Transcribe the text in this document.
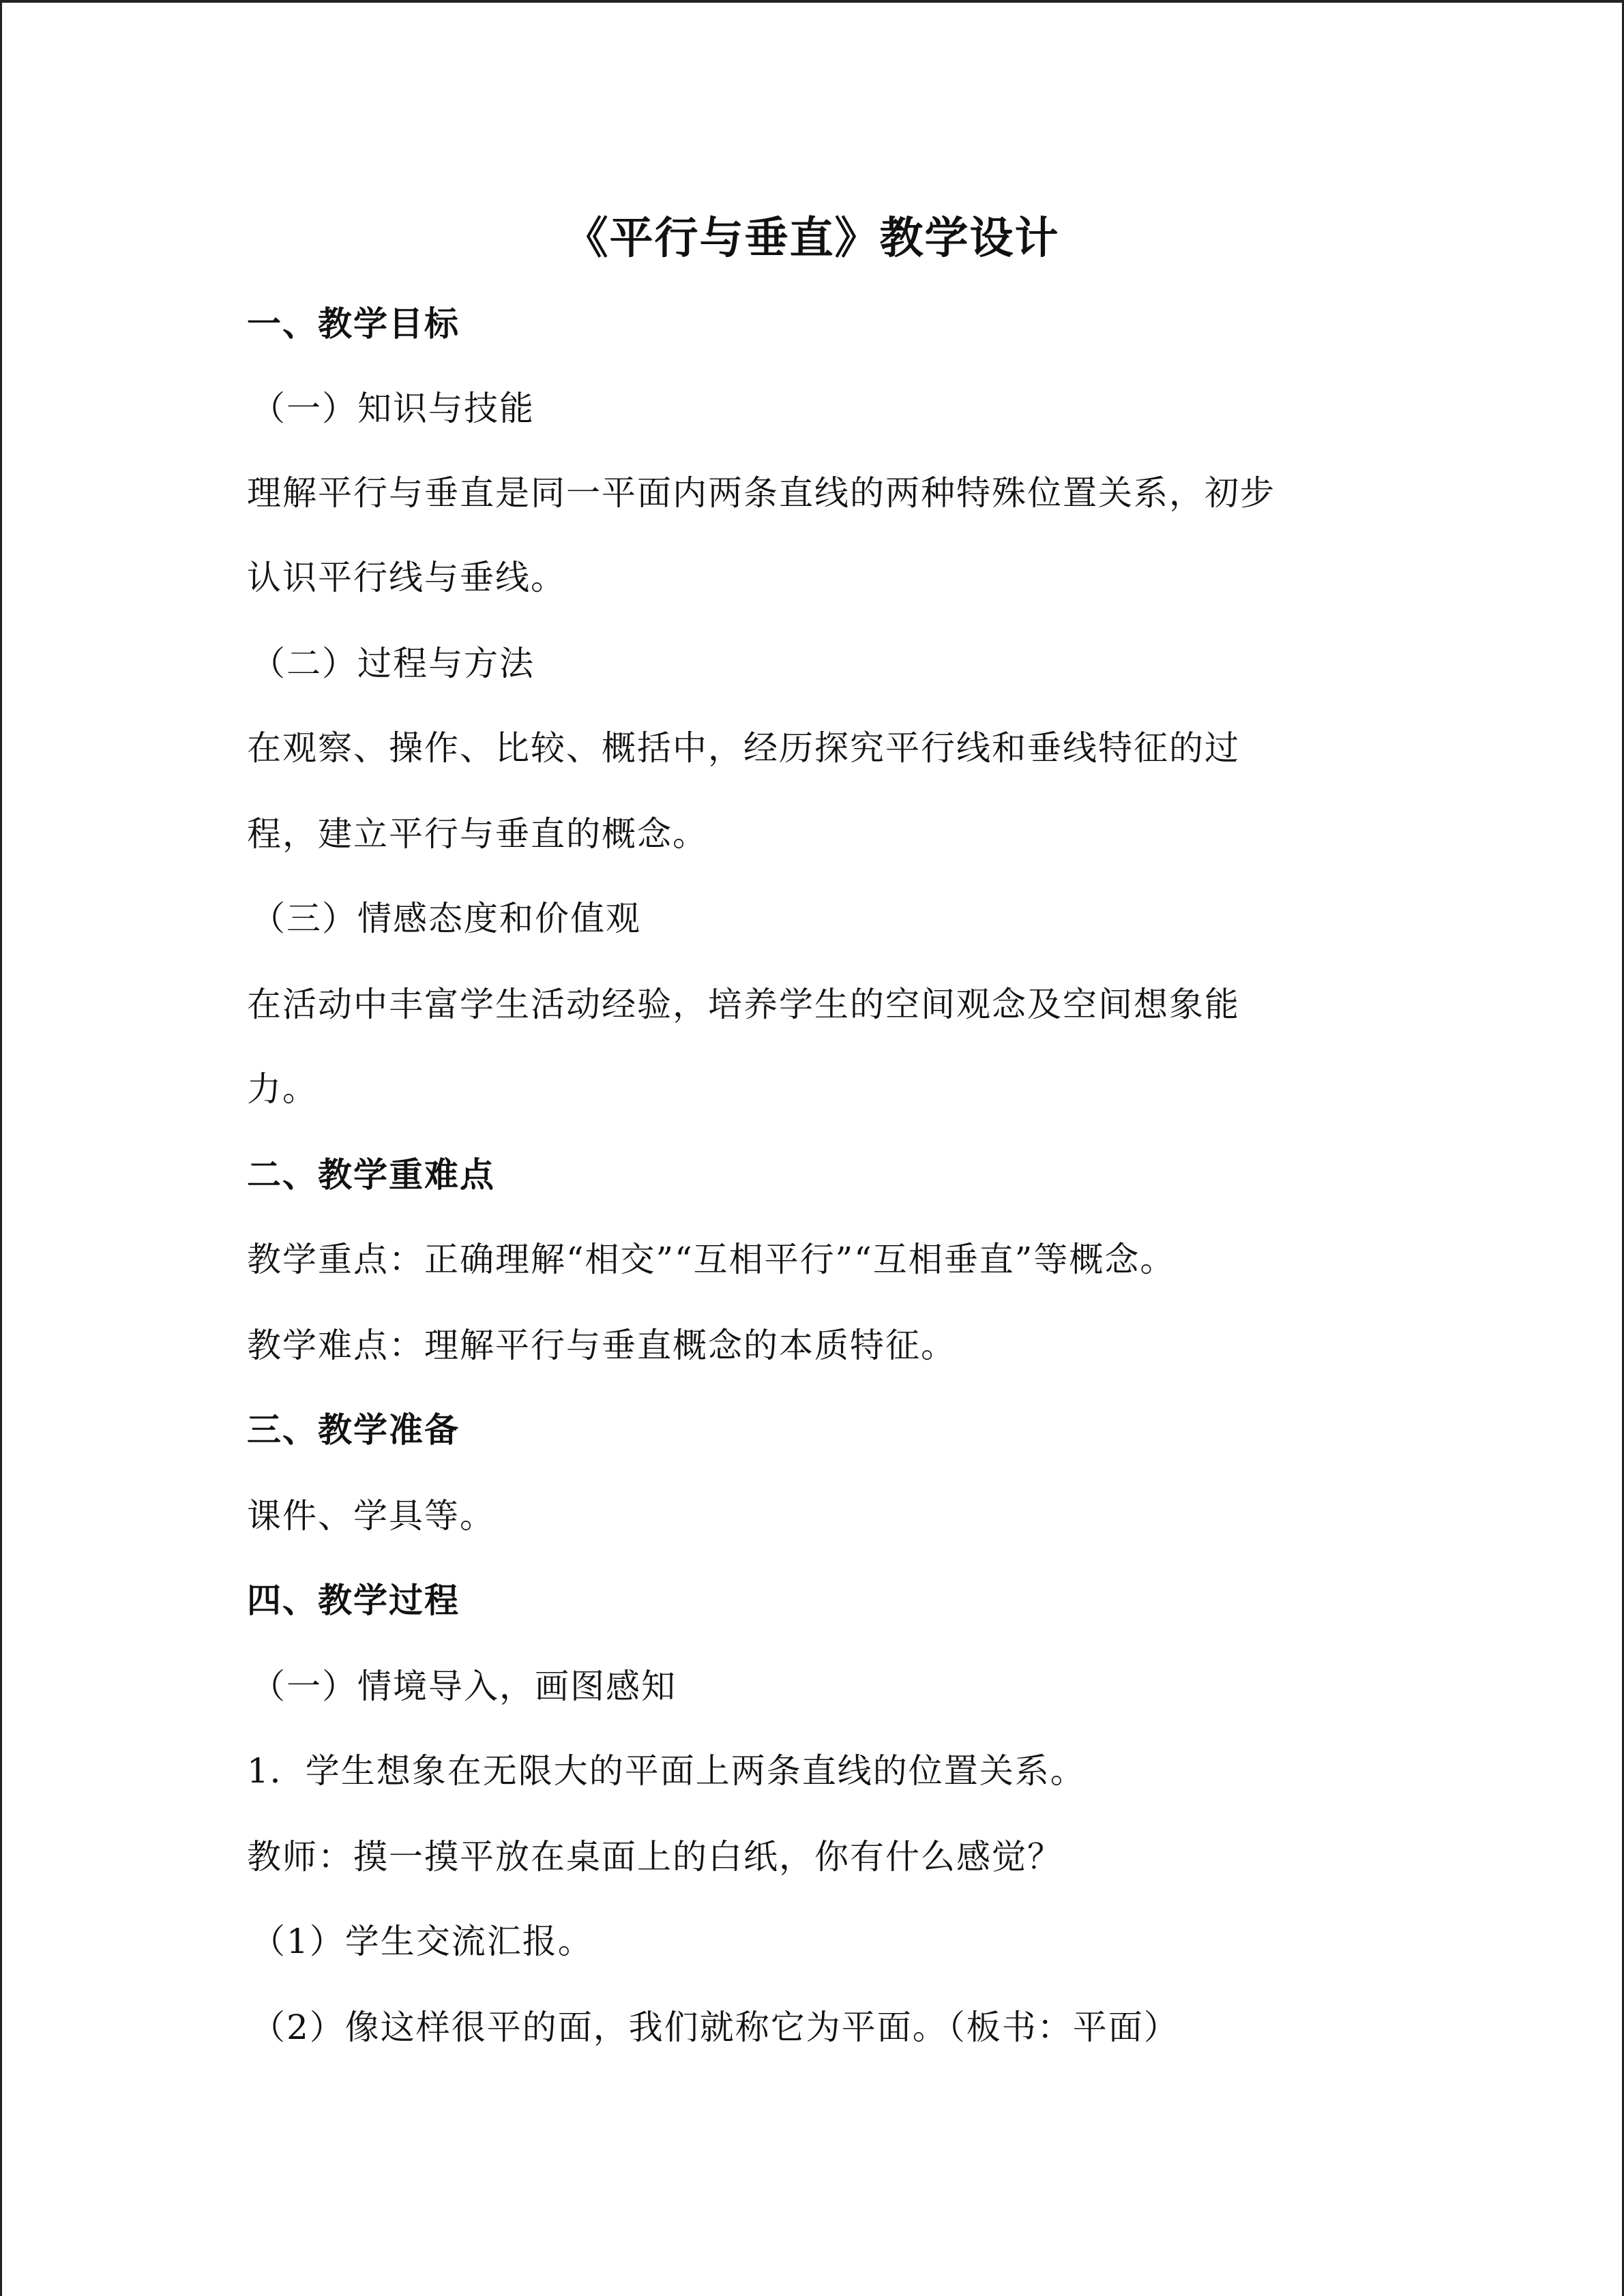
《平行与垂直》教学设计
一、教学目标
（一）知识与技能
理解平行与垂直是同一平面内两条直线的两种特殊位置关系，初步
认识平行线与垂线。
（二）过程与方法
在观察、操作、比较、概括中，经历探究平行线和垂线特征的过
程，建立平行与垂直的概念。
（三）情感态度和价值观
在活动中丰富学生活动经验，培养学生的空间观念及空间想象能
力。
二、教学重难点
教学重点：正确理解“相交”“互相平行”“互相垂直”等概念。
教学难点：理解平行与垂直概念的本质特征。
三、教学准备
课件、学具等。
四、教学过程
（一）情境导入，画图感知
1．学生想象在无限大的平面上两条直线的位置关系。
教师：摸一摸平放在桌面上的白纸，你有什么感觉？
（1）学生交流汇报。
（2）像这样很平的面，我们就称它为平面。（板书：平面）
